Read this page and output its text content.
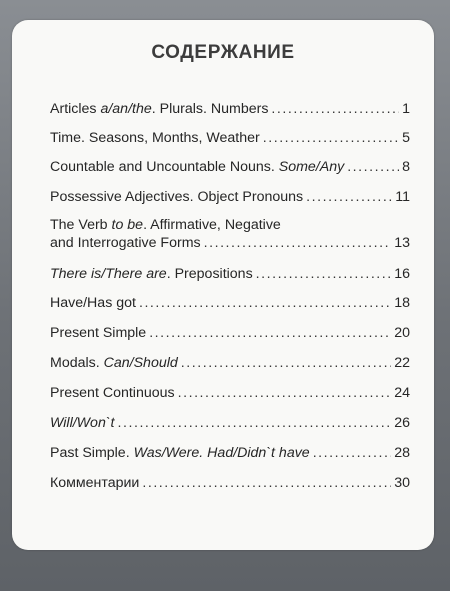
СОДЕРЖАНИЕ
Articles a/an/the. Plurals. Numbers . . .	1
Time. Seasons, Months, Weather . . .	5
Countable and Uncountable Nouns. Some/Any . . .	8
Possessive Adjectives. Object Pronouns . . .	11
The Verb to be. Affirmative, Negative
and Interrogative Forms . . .	13
There is/There are. Prepositions . . .	16
Have/Has got . . .	18
Present Simple . . .	20
Modals. Can/Should . . .	22
Present Continuous . . .	24
Will/Won`t . . .	26
Past Simple. Was/Were. Had/Didn`t have . . .	28
Комментарии . . .	30
